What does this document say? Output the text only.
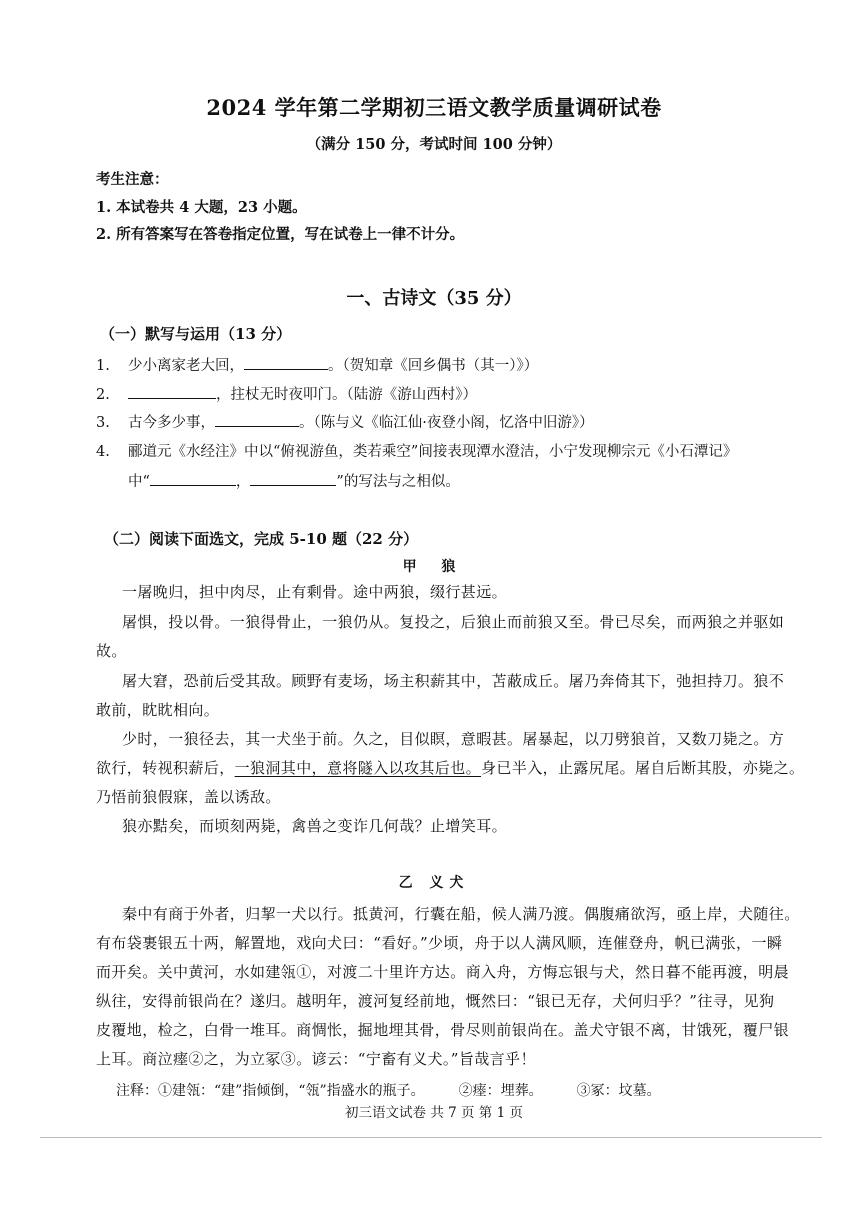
2024 学年第二学期初三语文教学质量调研试卷
（满分 150 分，考试时间 100 分钟）
考生注意：
1. 本试卷共 4 大题，23 小题。
2. 所有答案写在答卷指定位置，写在试卷上一律不计分。
一、古诗文（35 分）
（一）默写与运用（13 分）
1. 少小离家老大回，	。（贺知章《回乡偶书（其一）》）
2.	，拄杖无时夜叩门。（陆游《游山西村》）
3. 古今多少事，	。（陈与义《临江仙·夜登小阁，忆洛中旧游》）
4. 郦道元《水经注》中以“俯视游鱼，类若乘空”间接表现潭水澄洁，小宁发现柳宗元《小石潭记》
中“	，	”的写法与之相似。
（二）阅读下面选文，完成 5-10 题（22 分）
甲 狼
一屠晚归，担中肉尽，止有剩骨。途中两狼，缀行甚远。
屠惧，投以骨。一狼得骨止，一狼仍从。复投之，后狼止而前狼又至。骨已尽矣，而两狼之并驱如
故。
屠大窘，恐前后受其敌。顾野有麦场，场主积薪其中，苫蔽成丘。屠乃奔倚其下，弛担持刀。狼不
敢前，眈眈相向。
少时，一狼径去，其一犬坐于前。久之，目似瞑，意暇甚。屠暴起，以刀劈狼首，又数刀毙之。方
欲行，转视积薪后，一狼洞其中，意将隧入以攻其后也。身已半入，止露尻尾。屠自后断其股，亦毙之。
乃悟前狼假寐，盖以诱敌。
狼亦黠矣，而顷刻两毙，禽兽之变诈几何哉？止增笑耳。
乙 义犬
秦中有商于外者，归挈一犬以行。抵黄河，行囊在船，候人满乃渡。偶腹痛欲泻，亟上岸，犬随往。
有布袋裹银五十两，解置地，戏向犬曰：“看好。”少顷，舟于以人满风顺，连催登舟，帆已满张，一瞬
而开矣。关中黄河，水如建瓴①，对渡二十里许方达。商入舟，方悔忘银与犬，然日暮不能再渡，明晨
纵往，安得前银尚在？遂归。越明年，渡河复经前地，慨然曰：“银已无存，犬何归乎？”往寻，见狗
皮覆地，检之，白骨一堆耳。商惆怅，掘地埋其骨，骨尽则前银尚在。盖犬守银不离，甘饿死，覆尸银
上耳。商泣瘗②之，为立冢③。谚云：“宁畜有义犬。”旨哉言乎！
注释：①建瓴：“建”指倾倒，“瓴”指盛水的瓶子。 ②瘗：埋葬。 ③冢：坟墓。
初三语文试卷 共 7 页 第 1 页
